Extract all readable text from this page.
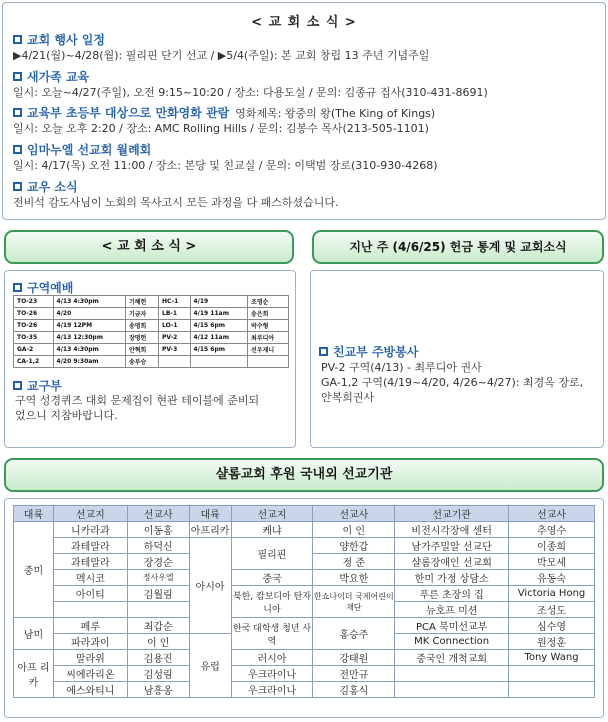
< 교 회 소 식 >
교회 행사 일정
▶4/21(월)~4/28(월): 필리핀 단기 선교 / ▶5/4(주일): 본 교회 창립 13 주년 기념주일
새가족 교육
일시: 오늘~4/27(주일), 오전 9:15~10:20 / 장소: 다용도실 / 문의: 김종규 집사(310-431-8691)
교육부 초등부 대상으로 만화영화 관람 영화제목: 왕중의 왕(The King of Kings)
일시: 오늘 오후 2:20 / 장소: AMC Rolling Hills / 문의: 김봉수 목사(213-505-1101)
임마누엘 선교회 월례회
일시: 4/17(목) 오전 11:00 / 장소: 본당 및 친교실 / 문의: 이택범 장로(310-930-4268)
교우 소식
전비석 감도사님이 노회의 목사고시 모든 과정을 다 패스하셨습니다.
< 교 회 소 식 >	지난 주 (4/6/25) 헌금 통계 및 교회소식
구역예배
TO-23	4/13 4:30pm	기혜헌	HC-1	4/19	조명순
TO-26	4/20	기금자	LB-1	4/19 11am	송은희
TO-26	4/19 12PM	송명희	LO-1	4/15 6pm	박수형
TO-35	4/13 12:30pm	장명헌	PV-2	4/12 11am	최루디아
GA-2	4/13 4:30pm	안혁희	PV-3	4/15 6pm	선우재니
CA-1,2	4/20 9:30am	송부승			
교구부
구역 성경퀴즈 대회 문제집이 현관 테이블에 준비되었으니 지참바랍니다.
친교부 주방봉사
PV-2 구역(4/13) - 최루디아 권사
GA-1,2 구역(4/19~4/20, 4/26~4/27): 최경옥 장로, 안복희권사
샬롬교회 후원 국내외 선교기관
대륙	선교지	선교사	대륙	선교지	선교사	선교기관	선교사
중미	니카라과	이동홍	아프리카	케냐	이 인	비전시각장애 센터	추영수
	과테말라	하덕신	아시아	필리핀	양한갑	남가주밀알 선교단	이종희
	과테말라	장경순			정 준	샬롬장애인 선교회	박모세
	멕시코	정사우엘		중국	박요한	한미 가정 상담소	유동숙
	아이티	김월림		북한, 캄보디아 탄자니아	한쇼나이더 국제어린이 재단	푸른 초장의 집	Victoria Hong
						뉴호프 미션	조성도
남미	페루	최갑순		한국 대학생 청년 사역	홍승주	PCA 북미선교부	심수영
	파라과이	이 인	유럽			MK Connection	원정훈
아프 리카	말라위	김용진		러시아	강태원	중국인 개척교회	Tony Wang
	씨에라리온	김성림		우크라이나	전만규		
	에스와티니	남흥옹		우크라이나	김홍식		
